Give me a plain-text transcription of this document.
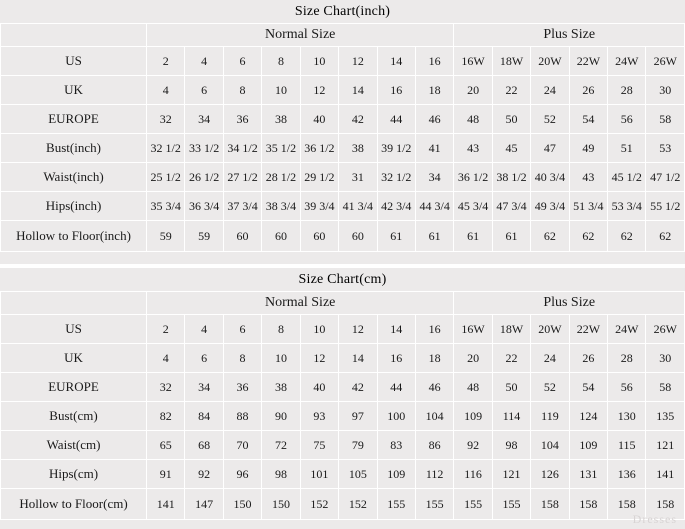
Size Chart(inch)
	Normal Size								Plus Size					
US	2	4	6	8	10	12	14	16	16W	18W	20W	22W	24W	26W
UK	4	6	8	10	12	14	16	18	20	22	24	26	28	30
EUROPE	32	34	36	38	40	42	44	46	48	50	52	54	56	58
Bust(inch)	32 1/2	33 1/2	34 1/2	35 1/2	36 1/2	38	39 1/2	41	43	45	47	49	51	53
Waist(inch)	25 1/2	26 1/2	27 1/2	28 1/2	29 1/2	31	32 1/2	34	36 1/2	38 1/2	40 3/4	43	45 1/2	47 1/2
Hips(inch)	35 3/4	36 3/4	37 3/4	38 3/4	39 3/4	41 3/4	42 3/4	44 3/4	45 3/4	47 3/4	49 3/4	51 3/4	53 3/4	55 1/2
Hollow to Floor(inch)	59	59	60	60	60	60	61	61	61	61	62	62	62	62
Size Chart(cm)
	Normal Size								Plus Size					
US	2	4	6	8	10	12	14	16	16W	18W	20W	22W	24W	26W
UK	4	6	8	10	12	14	16	18	20	22	24	26	28	30
EUROPE	32	34	36	38	40	42	44	46	48	50	52	54	56	58
Bust(cm)	82	84	88	90	93	97	100	104	109	114	119	124	130	135
Waist(cm)	65	68	70	72	75	79	83	86	92	98	104	109	115	121
Hips(cm)	91	92	96	98	101	105	109	112	116	121	126	131	136	141
Hollow to Floor(cm)	141	147	150	150	152	152	155	155	155	155	158	158	158	158
Dresses
